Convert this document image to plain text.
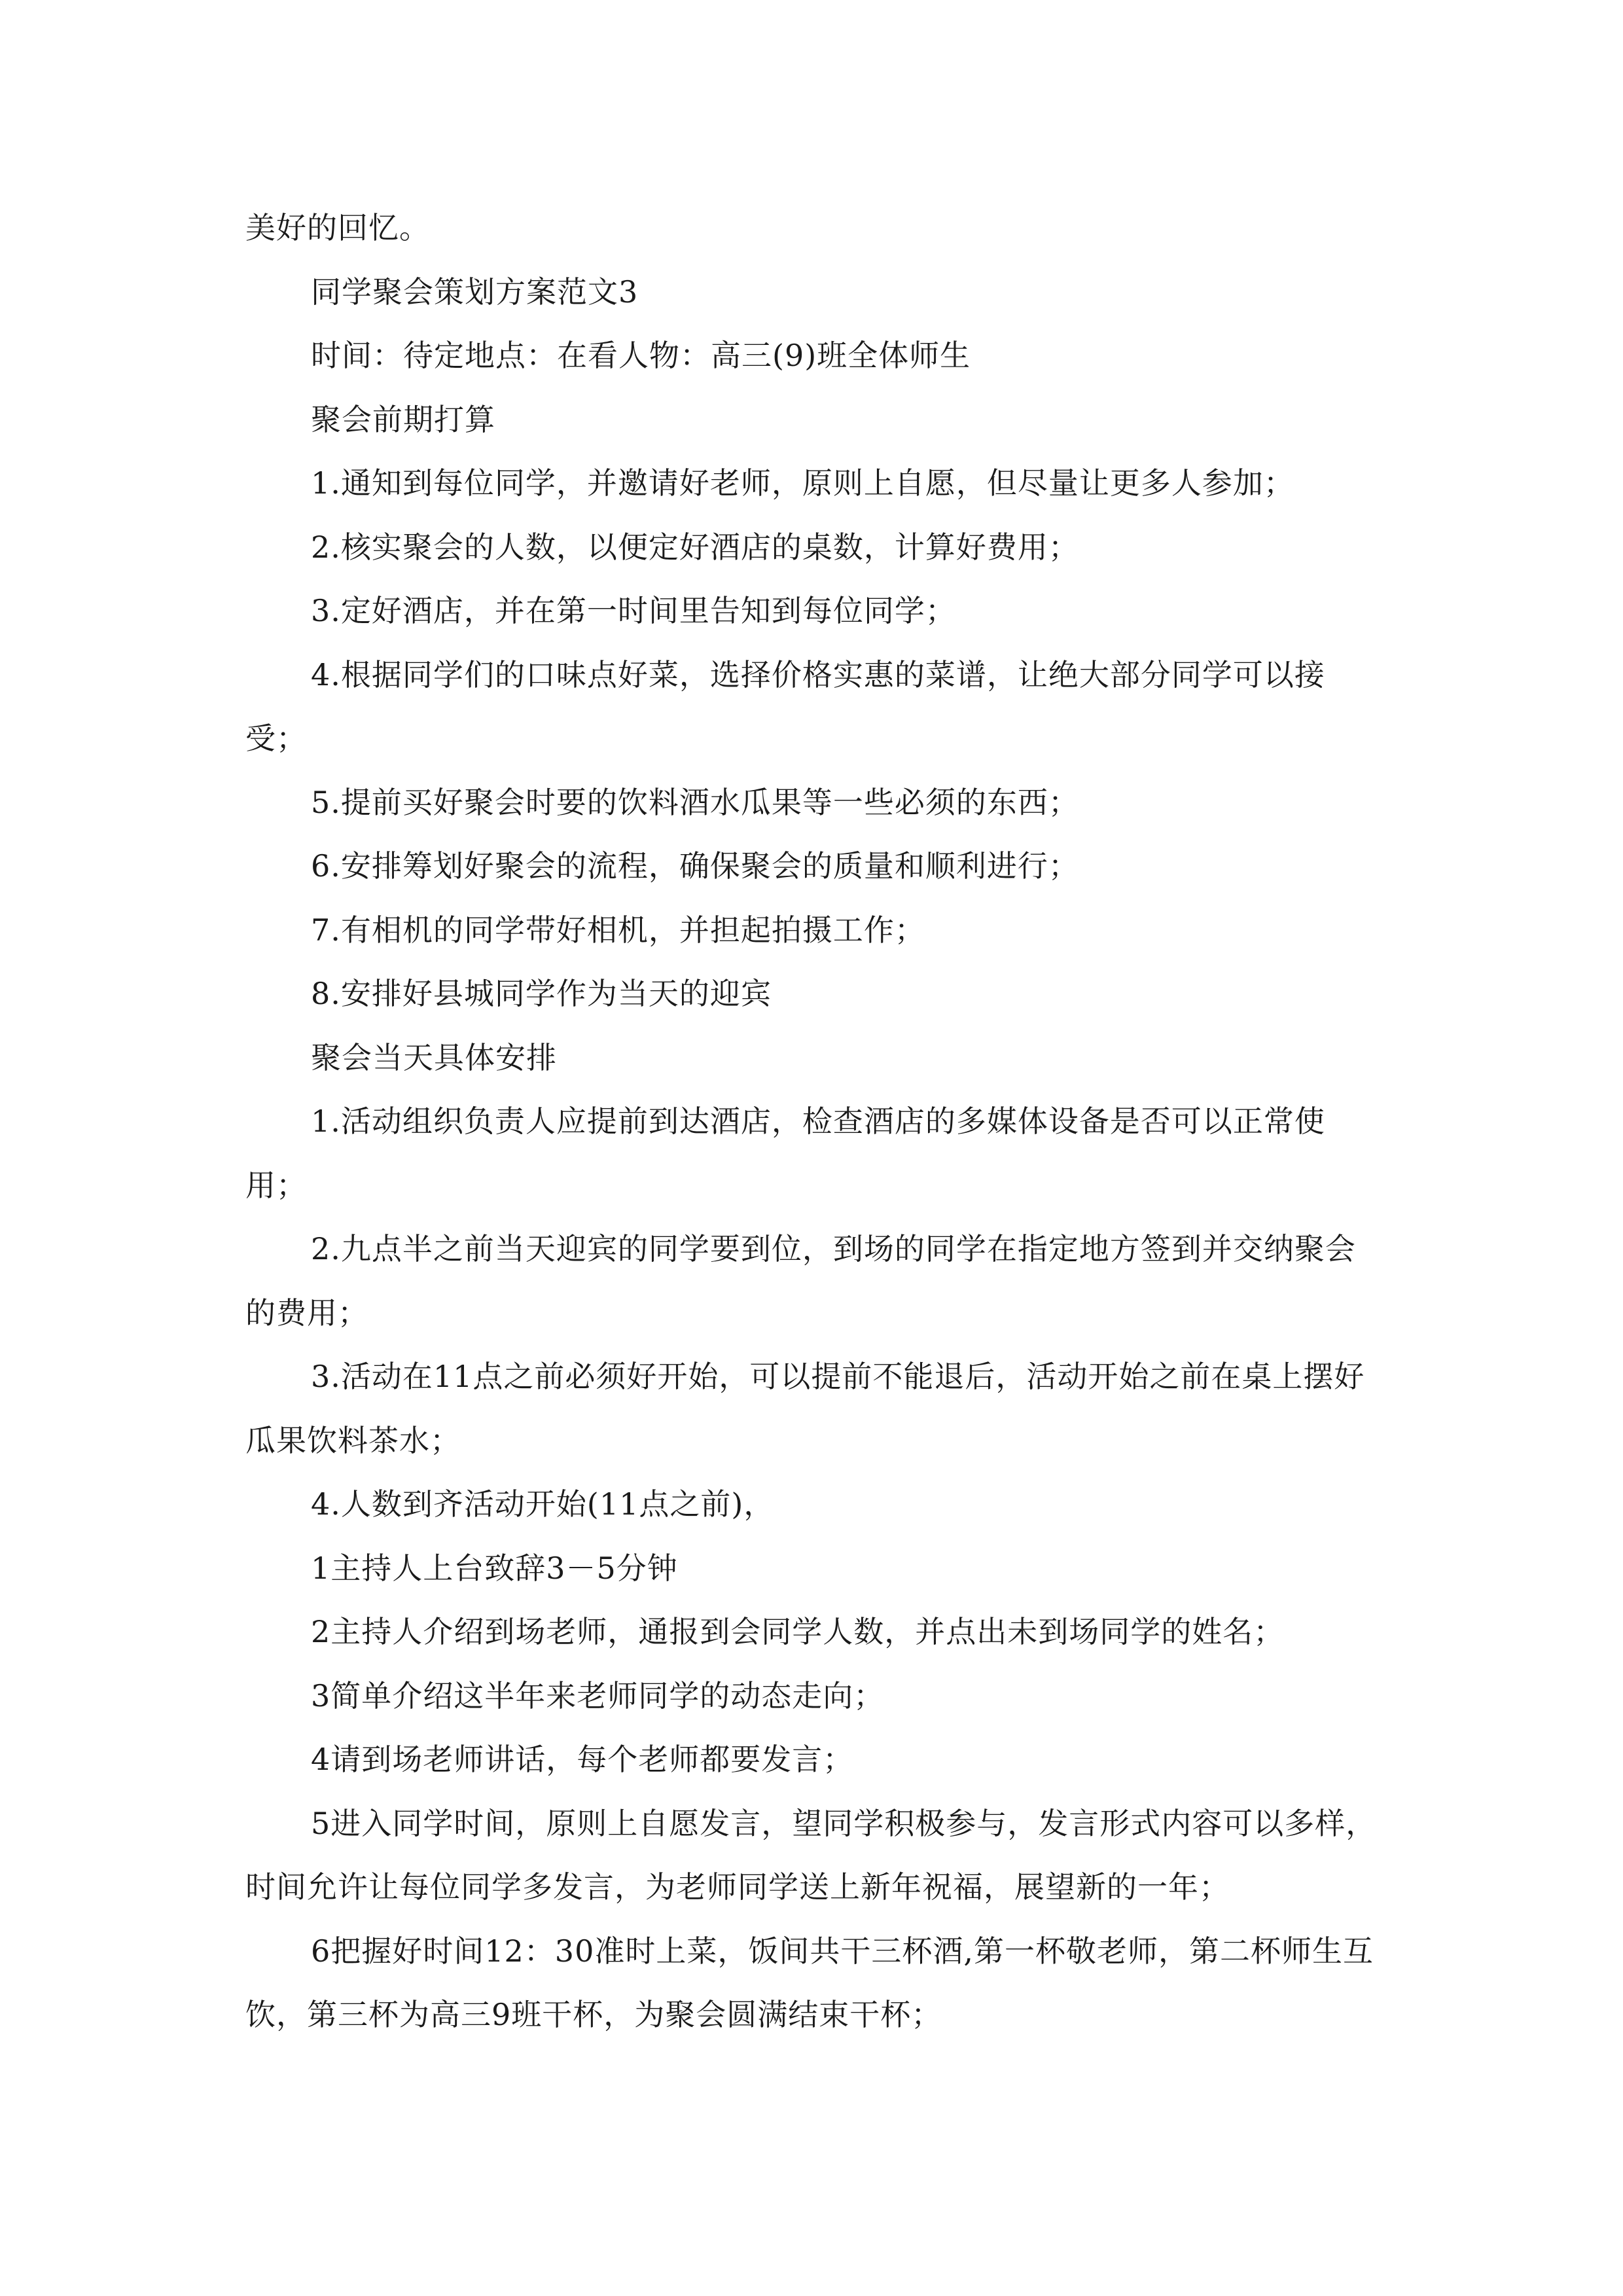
美好的回忆。

同学聚会策划方案范文3

时间：待定地点：在看人物：高三(9)班全体师生

聚会前期打算

1.通知到每位同学，并邀请好老师，原则上自愿，但尽量让更多人参加；

2.核实聚会的人数，以便定好酒店的桌数，计算好费用；

3.定好酒店，并在第一时间里告知到每位同学；

4.根据同学们的口味点好菜，选择价格实惠的菜谱，让绝大部分同学可以接受；

5.提前买好聚会时要的饮料酒水瓜果等一些必须的东西；

6.安排筹划好聚会的流程，确保聚会的质量和顺利进行；

7.有相机的同学带好相机，并担起拍摄工作；

8.安排好县城同学作为当天的迎宾

聚会当天具体安排

1.活动组织负责人应提前到达酒店，检查酒店的多媒体设备是否可以正常使用；

2.九点半之前当天迎宾的同学要到位，到场的同学在指定地方签到并交纳聚会的费用；

3.活动在11点之前必须好开始，可以提前不能退后，活动开始之前在桌上摆好瓜果饮料茶水；

4.人数到齐活动开始(11点之前)，

1主持人上台致辞3－5分钟

2主持人介绍到场老师，通报到会同学人数，并点出未到场同学的姓名；

3简单介绍这半年来老师同学的动态走向；

4请到场老师讲话，每个老师都要发言；

5进入同学时间，原则上自愿发言，望同学积极参与，发言形式内容可以多样，时间允许让每位同学多发言，为老师同学送上新年祝福，展望新的一年；

6把握好时间12：30准时上菜，饭间共干三杯酒,第一杯敬老师，第二杯师生互饮，第三杯为高三9班干杯，为聚会圆满结束干杯；
